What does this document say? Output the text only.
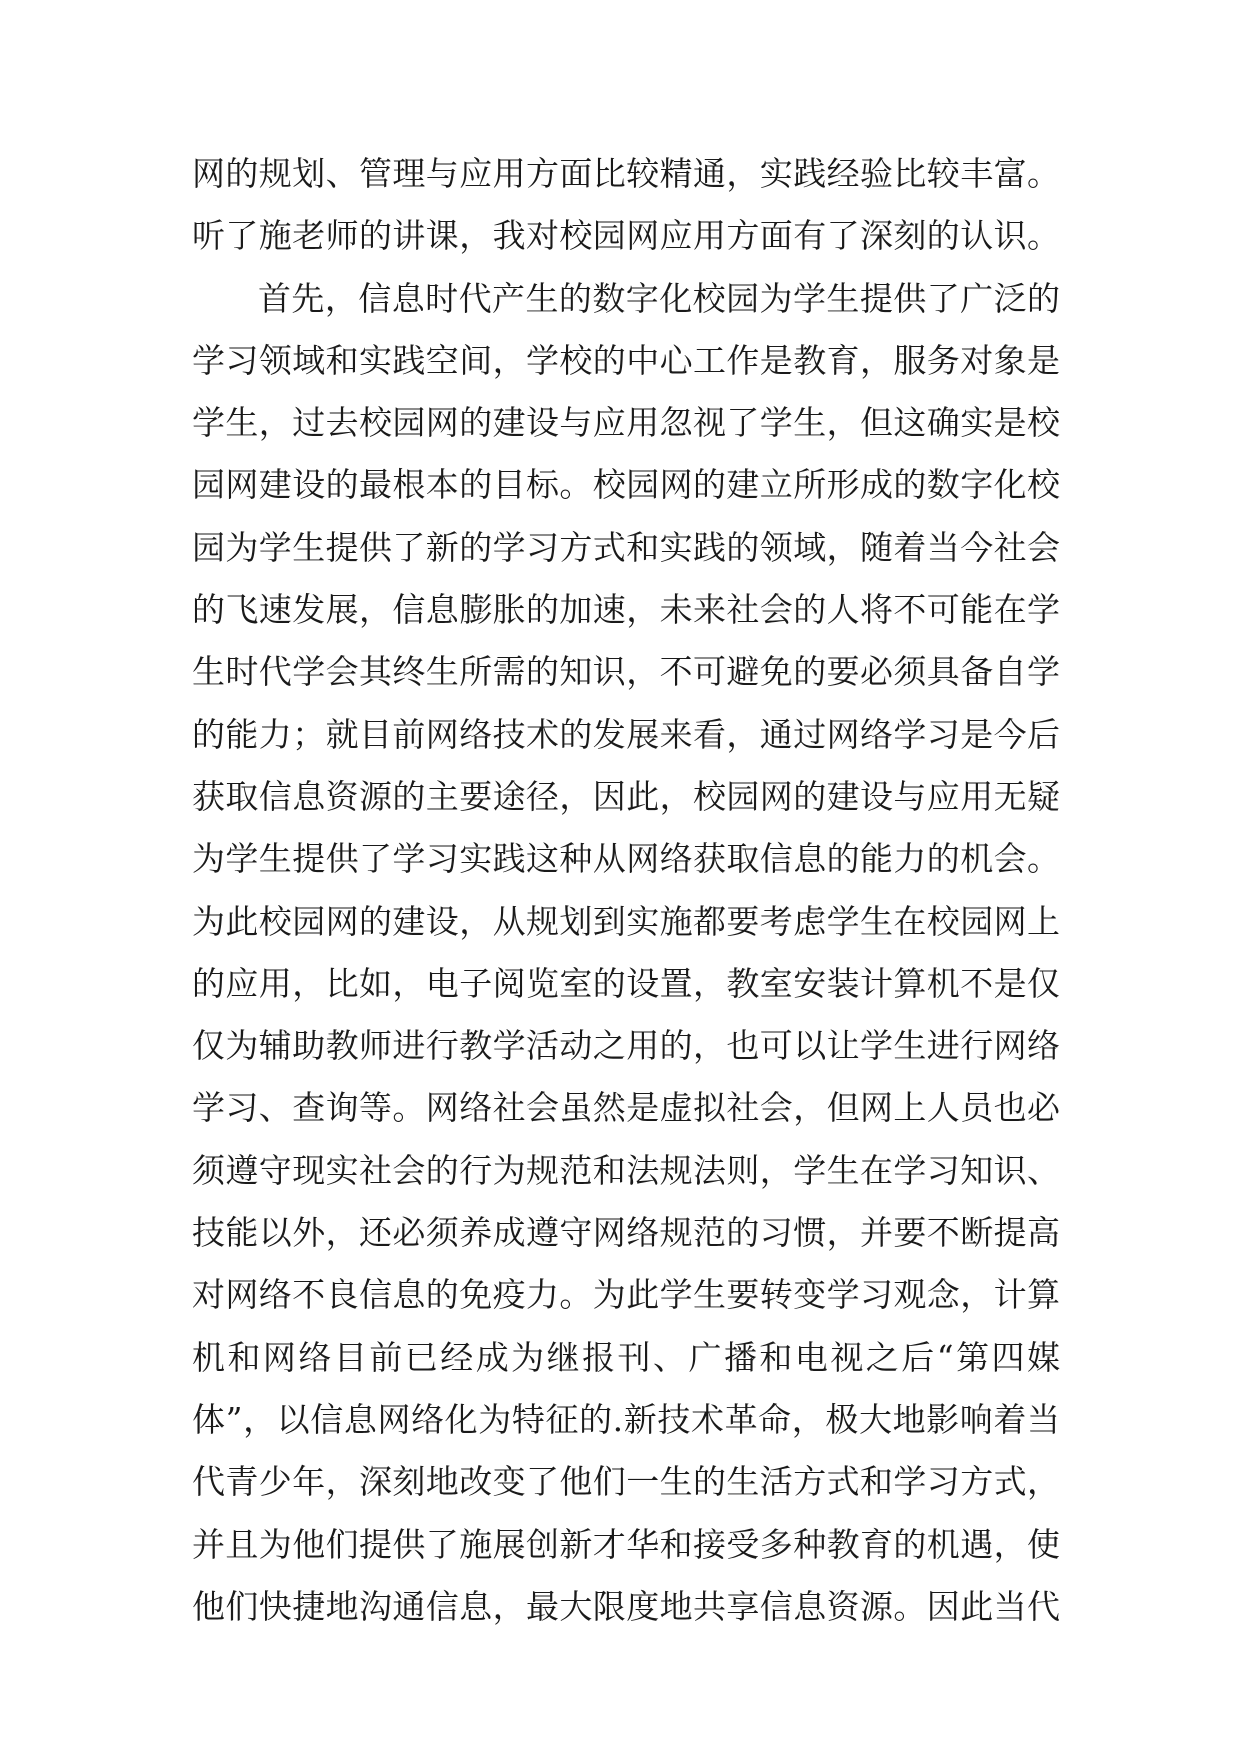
网的规划、管理与应用方面比较精通，实践经验比较丰富。
听了施老师的讲课，我对校园网应用方面有了深刻的认识。
首先，信息时代产生的数字化校园为学生提供了广泛的
学习领域和实践空间，学校的中心工作是教育，服务对象是
学生，过去校园网的建设与应用忽视了学生，但这确实是校
园网建设的最根本的目标。校园网的建立所形成的数字化校
园为学生提供了新的学习方式和实践的领域，随着当今社会
的飞速发展，信息膨胀的加速，未来社会的人将不可能在学
生时代学会其终生所需的知识，不可避免的要必须具备自学
的能力；就目前网络技术的发展来看，通过网络学习是今后
获取信息资源的主要途径，因此，校园网的建设与应用无疑
为学生提供了学习实践这种从网络获取信息的能力的机会。
为此校园网的建设，从规划到实施都要考虑学生在校园网上
的应用，比如，电子阅览室的设置，教室安装计算机不是仅
仅为辅助教师进行教学活动之用的，也可以让学生进行网络
学习、查询等。网络社会虽然是虚拟社会，但网上人员也必
须遵守现实社会的行为规范和法规法则，学生在学习知识、
技能以外，还必须养成遵守网络规范的习惯，并要不断提高
对网络不良信息的免疫力。为此学生要转变学习观念，计算
机和网络目前已经成为继报刊、广播和电视之后“第四媒
体”，以信息网络化为特征的.新技术革命，极大地影响着当
代青少年，深刻地改变了他们一生的生活方式和学习方式，
并且为他们提供了施展创新才华和接受多种教育的机遇，使
他们快捷地沟通信息，最大限度地共享信息资源。因此当代
